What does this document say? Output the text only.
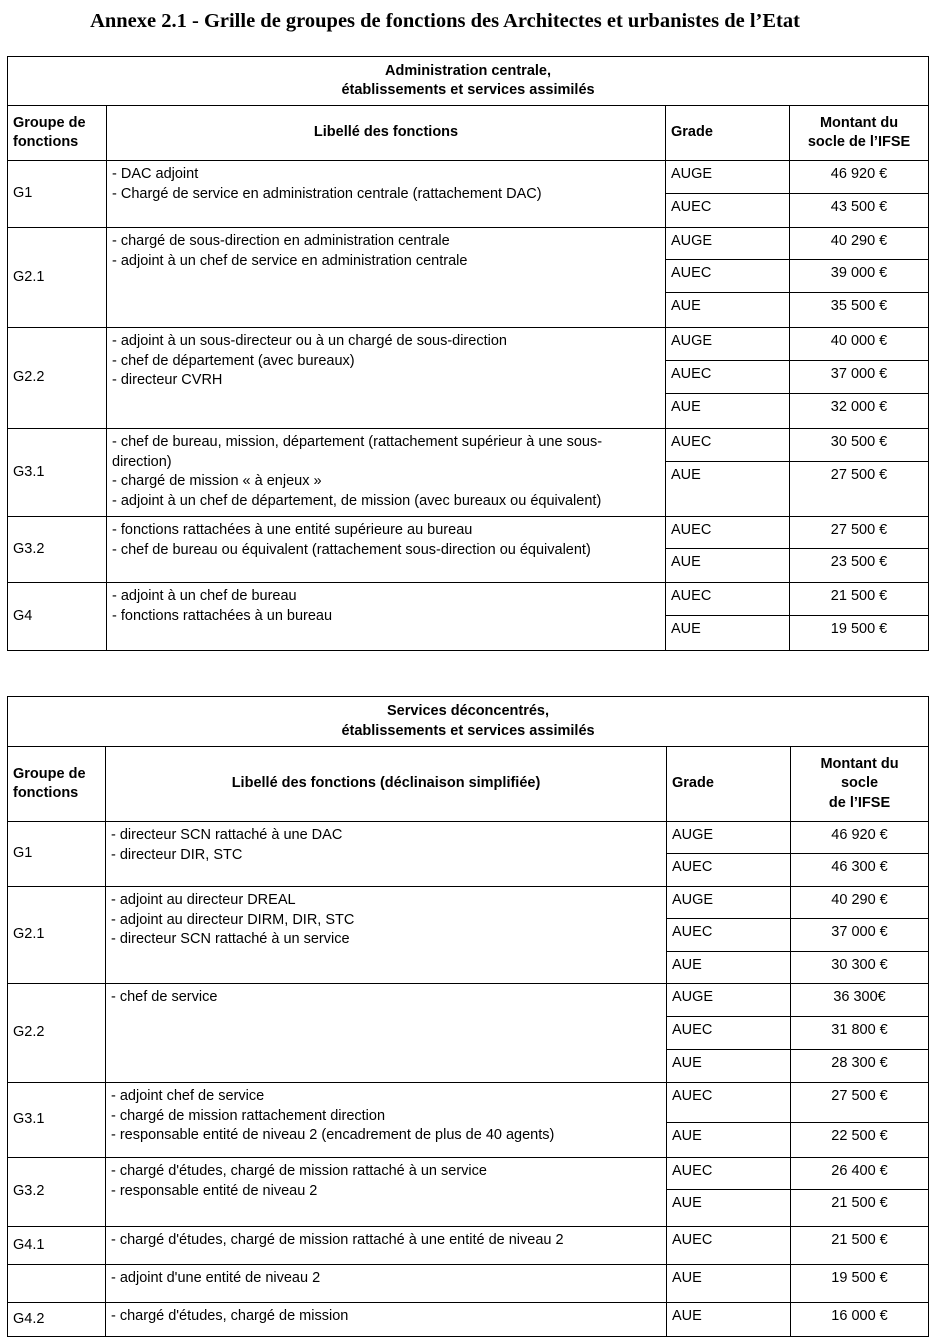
Annexe 2.1 - Grille de groupes de fonctions des Architectes et urbanistes de l’Etat
Administration centrale,
établissements et services assimilés			

Groupe de
fonctions	Libellé des fonctions	Grade	Montant du
socle de l’IFSE

G1	- DAC adjoint
- Chargé de service en administration centrale (rattachement DAC)	AUGE	46 920 €

		AUEC	43 500 €

G2.1	- chargé de sous-direction en administration centrale
- adjoint à un chef de service en administration centrale	AUGE	40 290 €

		AUEC	39 000 €

		AUE	35 500 €

G2.2	- adjoint à un sous-directeur ou à un chargé de sous-direction
- chef de département (avec bureaux)
- directeur CVRH	AUGE	40 000 €

		AUEC	37 000 €

		AUE	32 000 €

G3.1	- chef de bureau, mission, département (rattachement supérieur à une sous-direction)
- chargé de mission « à enjeux »
- adjoint à un chef de département, de mission (avec bureaux ou équivalent)	AUEC	30 500 €

		AUE	27 500 €

G3.2	- fonctions rattachées à une entité supérieure au bureau
- chef de bureau ou équivalent (rattachement sous-direction ou équivalent)	AUEC	27 500 €

		AUE	23 500 €

G4	- adjoint à un chef de bureau
- fonctions rattachées à un bureau	AUEC	21 500 €

		AUE	19 500 €
Services déconcentrés,
établissements et services assimilés			

Groupe de
fonctions	Libellé des fonctions (déclinaison simplifiée)	Grade	Montant du
socle
de l’IFSE

G1	- directeur SCN rattaché à une DAC
- directeur DIR, STC	AUGE	46 920 €

		AUEC	46 300 €

G2.1	- adjoint au directeur DREAL
- adjoint au directeur DIRM, DIR, STC
- directeur SCN rattaché à un service	AUGE	40 290 €

		AUEC	37 000 €

		AUE	30 300 €

G2.2	- chef de service	AUGE	36 300€

		AUEC	31 800 €

		AUE	28 300 €

G3.1	- adjoint chef de service
- chargé de mission rattachement direction
- responsable entité de niveau 2 (encadrement de plus de 40 agents)	AUEC	27 500 €

		AUE	22 500 €

G3.2	- chargé d'études, chargé de mission rattaché à un service
- responsable entité de niveau 2	AUEC	26 400 €

		AUE	21 500 €

G4.1	- chargé d'études, chargé de mission rattaché à une entité de niveau 2	AUEC	21 500 €

	- adjoint d'une entité de niveau 2	AUE	19 500 €

G4.2	- chargé d'études, chargé de mission	AUE	16 000 €
